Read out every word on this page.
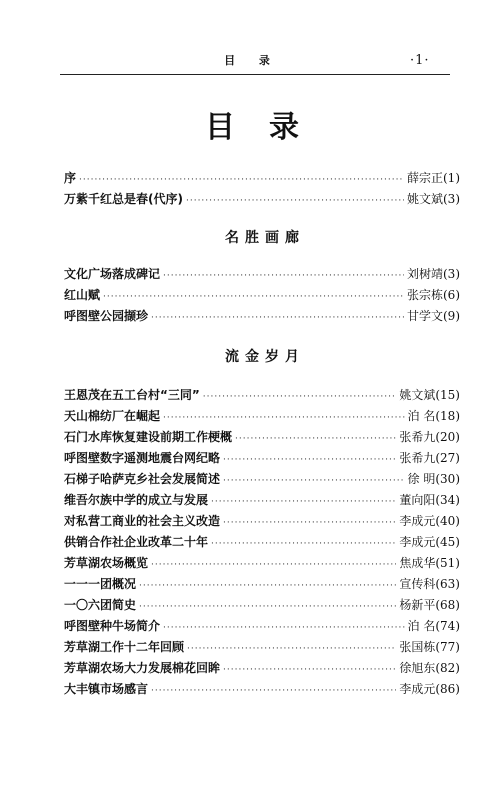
目 录	·1·
目录
序 ·····	薛宗正(1)
万紫千红总是春(代序) ·····	姚文斌(3)
名胜画廊
文化广场落成碑记 ·····	刘树靖(3)
红山赋 ·····	张宗栋(6)
呼图壁公园撷珍 ·····	甘学文(9)
流金岁月
王恩茂在五工台村“三同” ·····	姚文斌(15)
天山棉纺厂在崛起 ·····	泊 名(18)
石门水库恢复建设前期工作梗概 ·····	张希九(20)
呼图壁数字遥测地震台网纪略 ·····	张希九(27)
石梯子哈萨克乡社会发展简述 ·····	徐 明(30)
维吾尔族中学的成立与发展 ·····	董向阳(34)
对私营工商业的社会主义改造 ·····	李成元(40)
供销合作社企业改革二十年 ·····	李成元(45)
芳草湖农场概览 ·····	焦成华(51)
一一一团概况 ·····	宣传科(63)
一〇六团简史 ·····	杨新平(68)
呼图壁种牛场简介 ·····	泊 名(74)
芳草湖工作十二年回顾 ·····	张国栋(77)
芳草湖农场大力发展棉花回眸 ·····	徐旭东(82)
大丰镇市场感言 ·····	李成元(86)
